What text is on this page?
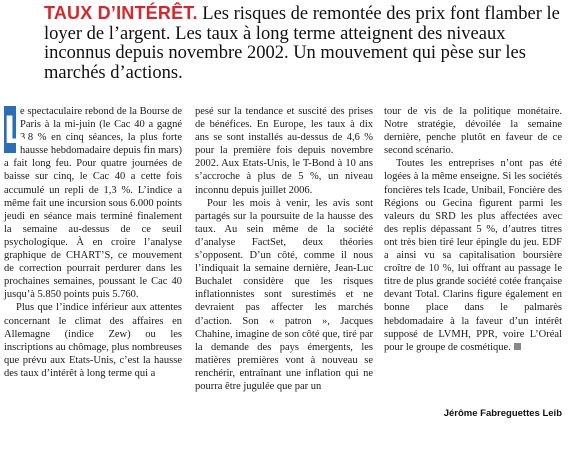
TAUX D’INTÉRÊT. Les risques de remontée des prix font flamber le loyer de l’argent. Les taux à long terme atteignent des niveaux inconnus depuis novembre 2002. Un mouvement qui pèse sur les marchés d’actions.

L
e spectaculaire rebond de la Bourse de Paris à la mi-juin (le Cac 40 a gagné 3,8 % en cinq séances, la plus forte hausse hebdomadaire depuis fin mars) a fait long feu. Pour quatre journées de baisse sur cinq, le Cac 40 a cette fois accumulé un repli de 1,3 %. L’indice a même fait une incursion sous 6.000 points jeudi en séance mais terminé finalement la semaine au-dessus de ce seuil psychologique. À en croire l’analyse graphique de CHART’S, ce mouvement de correction pourrait perdurer dans les prochaines semaines, poussant le Cac 40 jusqu’à 5.850 points puis 5.760.

Plus que l’indice inférieur aux attentes concernant le climat des affaires en Allemagne (indice Zew) ou les inscriptions au chômage, plus nombreuses que prévu aux Etats-Unis, c’est la hausse des taux d’intérêt à long terme qui a

pesé sur la tendance et suscité des prises de bénéfices. En Europe, les taux à dix ans se sont installés au-dessus de 4,6 % pour la première fois depuis novembre 2002. Aux Etats-Unis, le T-Bond à 10 ans s’accroche à plus de 5 %, un niveau inconnu depuis juillet 2006.

Pour les mois à venir, les avis sont partagés sur la poursuite de la hausse des taux. Au sein même de la société d’analyse FactSet, deux théories s’opposent. D’un côté, comme il nous l’indiquait la semaine dernière, Jean-Luc Buchalet considère que les risques inflationnistes sont surestimés et ne devraient pas affecter les marchés d’action. Son « patron », Jacques Chahine, imagine de son côté que, tiré par la demande des pays émergents, les matières premières vont à nouveau se renchérir, entraînant une inflation qui ne pourra être jugulée que par un

tour de vis de la politique monétaire. Notre stratégie, dévoilée la semaine dernière, penche plutôt en faveur de ce second scénario.

Toutes les entreprises n’ont pas été logées à la même enseigne. Si les sociétés foncières tels Icade, Unibail, Foncière des Régions ou Gecina figurent parmi les valeurs du SRD les plus affectées avec des replis dépassant 5 %, d’autres titres ont très bien tiré leur épingle du jeu. EDF a ainsi vu sa capitalisation boursière croître de 10 %, lui offrant au passage le titre de plus grande société cotée française devant Total. Clarins figure également en bonne place dans le palmarès hebdomadaire à la faveur d’un intérêt supposé de LVMH, PPR, voire L’Oréal pour le groupe de cosmétique.

Jérôme Fabreguettes Leib
